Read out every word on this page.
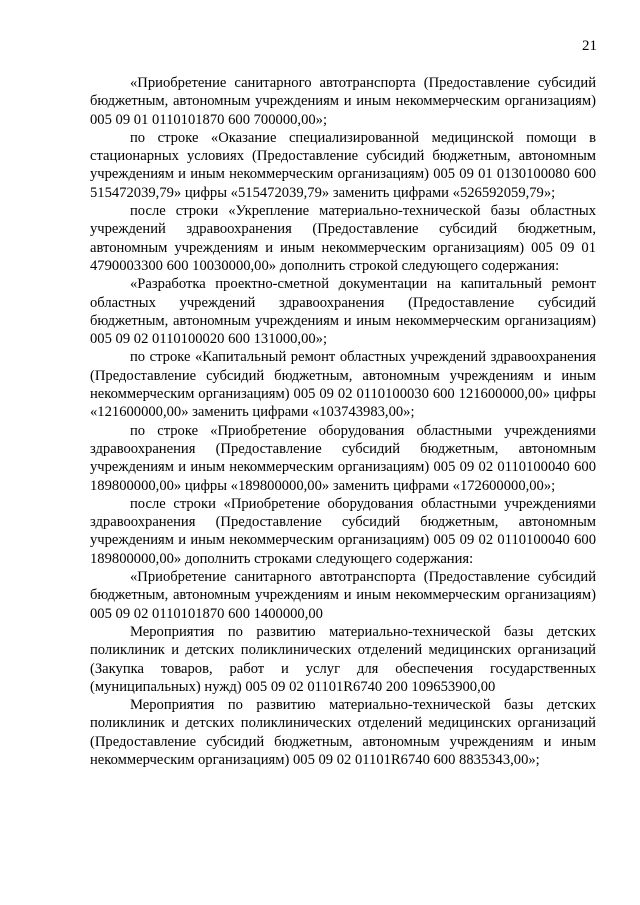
21

«Приобретение санитарного автотранспорта (Предоставление субсидий бюджетным, автономным учреждениям и иным некоммерческим организациям) 005 09 01 0110101870 600 700000,00»;

по строке «Оказание специализированной медицинской помощи в стационарных условиях (Предоставление субсидий бюджетным, автономным учреждениям и иным некоммерческим организациям) 005 09 01 0130100080 600 515472039,79» цифры «515472039,79» заменить цифрами «526592059,79»;

после строки «Укрепление материально-технической базы областных учреждений здравоохранения (Предоставление субсидий бюджетным, автономным учреждениям и иным некоммерческим организациям) 005 09 01 4790003300 600 10030000,00» дополнить строкой следующего содержания:

«Разработка проектно-сметной документации на капитальный ремонт областных учреждений здравоохранения (Предоставление субсидий бюджетным, автономным учреждениям и иным некоммерческим организациям) 005 09 02 0110100020 600 131000,00»;

по строке «Капитальный ремонт областных учреждений здравоохранения (Предоставление субсидий бюджетным, автономным учреждениям и иным некоммерческим организациям) 005 09 02 0110100030 600 121600000,00» цифры «121600000,00» заменить цифрами «103743983,00»;

по строке «Приобретение оборудования областными учреждениями здравоохранения (Предоставление субсидий бюджетным, автономным учреждениям и иным некоммерческим организациям) 005 09 02 0110100040 600 189800000,00» цифры «189800000,00» заменить цифрами «172600000,00»;

после строки «Приобретение оборудования областными учреждениями здравоохранения (Предоставление субсидий бюджетным, автономным учреждениям и иным некоммерческим организациям) 005 09 02 0110100040 600 189800000,00» дополнить строками следующего содержания:

«Приобретение санитарного автотранспорта (Предоставление субсидий бюджетным, автономным учреждениям и иным некоммерческим организациям) 005 09 02 0110101870 600 1400000,00

Мероприятия по развитию материально-технической базы детских поликлиник и детских поликлинических отделений медицинских организаций (Закупка товаров, работ и услуг для обеспечения государственных (муниципальных) нужд) 005 09 02 01101R6740 200 109653900,00

Мероприятия по развитию материально-технической базы детских поликлиник и детских поликлинических отделений медицинских организаций (Предоставление субсидий бюджетным, автономным учреждениям и иным некоммерческим организациям) 005 09 02 01101R6740 600 8835343,00»;
